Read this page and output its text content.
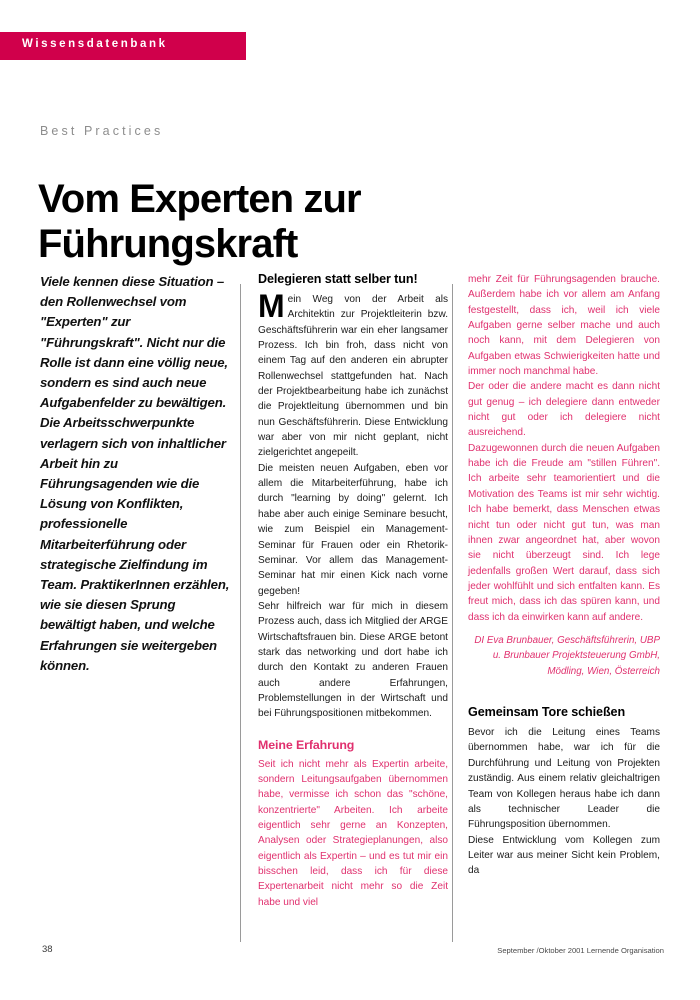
Wissensdatenbank
Best Practices
Vom Experten zur
Führungskraft

Viele kennen diese Situation – den Rollenwechsel vom "Experten" zur "Führungskraft". Nicht nur die Rolle ist dann eine völlig neue, sondern es sind auch neue Aufgabenfelder zu bewältigen. Die Arbeitsschwerpunkte verlagern sich von inhaltlicher Arbeit hin zu Führungsagenden wie die Lösung von Konflikten, professionelle Mitarbeiterführung oder strategische Zielfindung im Team. PraktikerInnen erzählen, wie sie diesen Sprung bewältigt haben, und welche Erfahrungen sie weitergeben können.

Delegieren statt selber tun!

Mein Weg von der Arbeit als Architektin zur Projektleiterin bzw. Geschäftsführerin war ein eher langsamer Prozess. Ich bin froh, dass nicht von einem Tag auf den anderen ein abrupter Rollenwechsel stattgefunden hat. Nach der Projektbearbeitung habe ich zunächst die Projektleitung übernommen und bin nun Geschäftsführerin. Diese Entwicklung war aber von mir nicht geplant, nicht zielgerichtet angepeilt.

Die meisten neuen Aufgaben, eben vor allem die Mitarbeiterführung, habe ich durch "learning by doing" gelernt. Ich habe aber auch einige Seminare besucht, wie zum Beispiel ein Management-Seminar für Frauen oder ein Rhetorik-Seminar. Vor allem das Management-Seminar hat mir einen Kick nach vorne gegeben!

Sehr hilfreich war für mich in diesem Prozess auch, dass ich Mitglied der ARGE Wirtschaftsfrauen bin. Diese ARGE betont stark das networking und dort habe ich durch den Kontakt zu anderen Frauen auch andere Erfahrungen, Problemstellungen in der Wirtschaft und bei Führungspositionen mitbekommen.

Meine Erfahrung

Seit ich nicht mehr als Expertin arbeite, sondern Leitungsaufgaben übernommen habe, vermisse ich schon das "schöne, konzentrierte" Arbeiten. Ich arbeite eigentlich sehr gerne an Konzepten, Analysen oder Strategieplanungen, also eigentlich als Expertin – und es tut mir ein bisschen leid, dass ich für diese Expertenarbeit nicht mehr so die Zeit habe und viel

mehr Zeit für Führungsagenden brauche. Außerdem habe ich vor allem am Anfang festgestellt, dass ich, weil ich viele Aufgaben gerne selber mache und auch noch kann, mit dem Delegieren von Aufgaben etwas Schwierigkeiten hatte und immer noch manchmal habe.

Der oder die andere macht es dann nicht gut genug – ich delegiere dann entweder nicht gut oder ich delegiere nicht ausreichend.

Dazugewonnen durch die neuen Aufgaben habe ich die Freude am "stillen Führen". Ich arbeite sehr teamorientiert und die Motivation des Teams ist mir sehr wichtig. Ich habe bemerkt, dass Menschen etwas nicht tun oder nicht gut tun, was man ihnen zwar angeordnet hat, aber wovon sie nicht überzeugt sind. Ich lege jedenfalls großen Wert darauf, dass sich jeder wohlfühlt und sich entfalten kann. Es freut mich, dass ich das spüren kann, und dass ich da einwirken kann auf andere.

DI Eva Brunbauer, Geschäftsführerin, UBP u. Brunbauer Projektsteuerung GmbH, Mödling, Wien, Österreich

Gemeinsam Tore schießen

Bevor ich die Leitung eines Teams übernommen habe, war ich für die Durchführung und Leitung von Projekten zuständig. Aus einem relativ gleichaltrigen Team von Kollegen heraus habe ich dann als technischer Leader die Führungsposition übernommen.

Diese Entwicklung vom Kollegen zum Leiter war aus meiner Sicht kein Problem, da

38	September /Oktober 2001 Lernende Organisation
